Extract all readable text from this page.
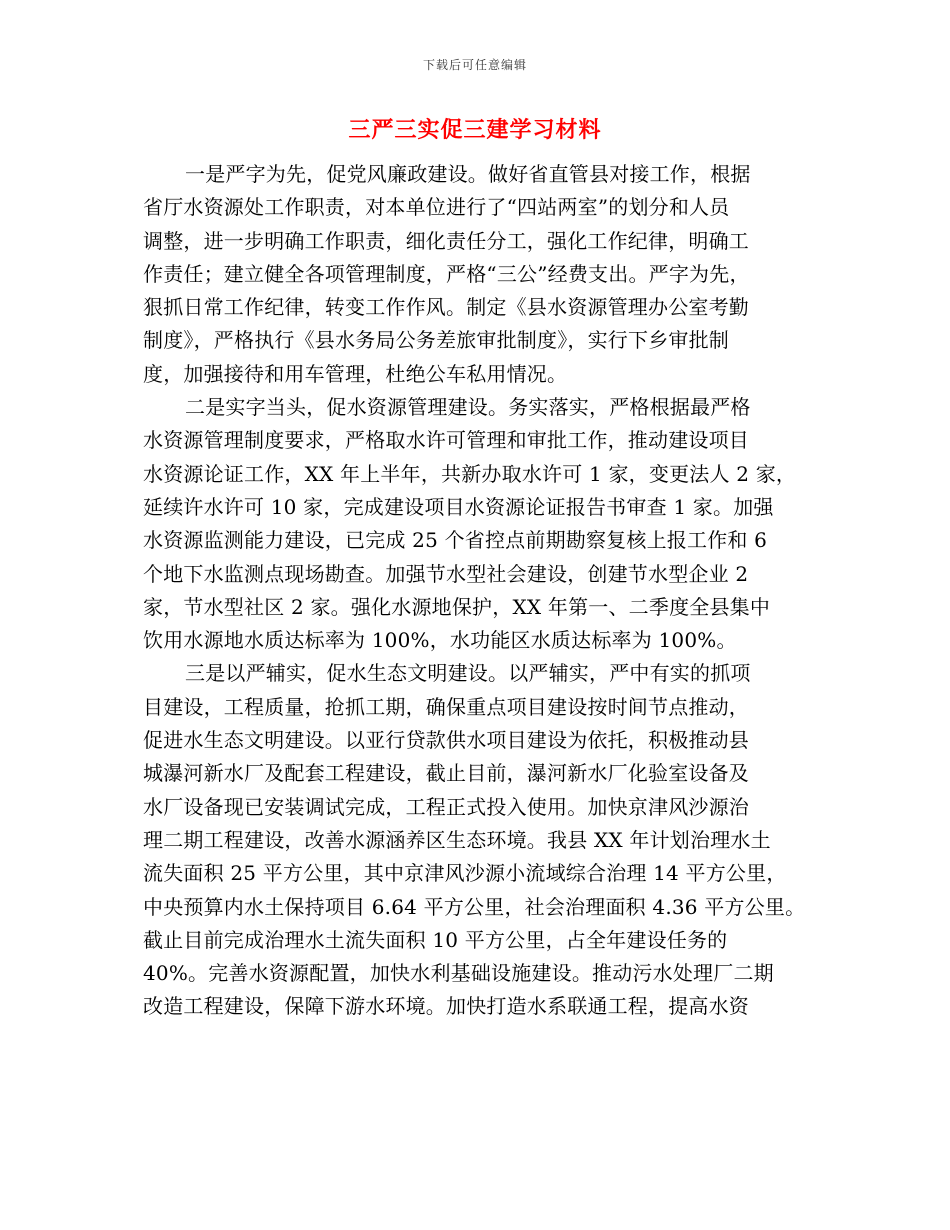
下载后可任意编辑
三严三实促三建学习材料
一是严字为先，促党风廉政建设。做好省直管县对接工作，根据
省厅水资源处工作职责，对本单位进行了“四站两室”的划分和人员
调整，进一步明确工作职责，细化责任分工，强化工作纪律，明确工
作责任；建立健全各项管理制度，严格“三公”经费支出。严字为先，
狠抓日常工作纪律，转变工作作风。制定《县水资源管理办公室考勤
制度》，严格执行《县水务局公务差旅审批制度》，实行下乡审批制
度，加强接待和用车管理，杜绝公车私用情况。
二是实字当头，促水资源管理建设。务实落实，严格根据最严格
水资源管理制度要求，严格取水许可管理和审批工作，推动建设项目
水资源论证工作，XX 年上半年，共新办取水许可 1 家，变更法人 2 家，
延续许水许可 10 家，完成建设项目水资源论证报告书审查 1 家。加强
水资源监测能力建设，已完成 25 个省控点前期勘察复核上报工作和 6
个地下水监测点现场勘查。加强节水型社会建设，创建节水型企业 2
家，节水型社区 2 家。强化水源地保护，XX 年第一、二季度全县集中
饮用水源地水质达标率为 100%，水功能区水质达标率为 100%。
三是以严辅实，促水生态文明建设。以严辅实，严中有实的抓项
目建设，工程质量，抢抓工期，确保重点项目建设按时间节点推动，
促进水生态文明建设。以亚行贷款供水项目建设为依托，积极推动县
城瀑河新水厂及配套工程建设，截止目前，瀑河新水厂化验室设备及
水厂设备现已安装调试完成，工程正式投入使用。加快京津风沙源治
理二期工程建设，改善水源涵养区生态环境。我县 XX 年计划治理水土
流失面积 25 平方公里，其中京津风沙源小流域综合治理 14 平方公里，
中央预算内水土保持项目 6.64 平方公里，社会治理面积 4.36 平方公里。
截止目前完成治理水土流失面积 10 平方公里，占全年建设任务的
40%。完善水资源配置，加快水利基础设施建设。推动污水处理厂二期
改造工程建设，保障下游水环境。加快打造水系联通工程，提高水资
